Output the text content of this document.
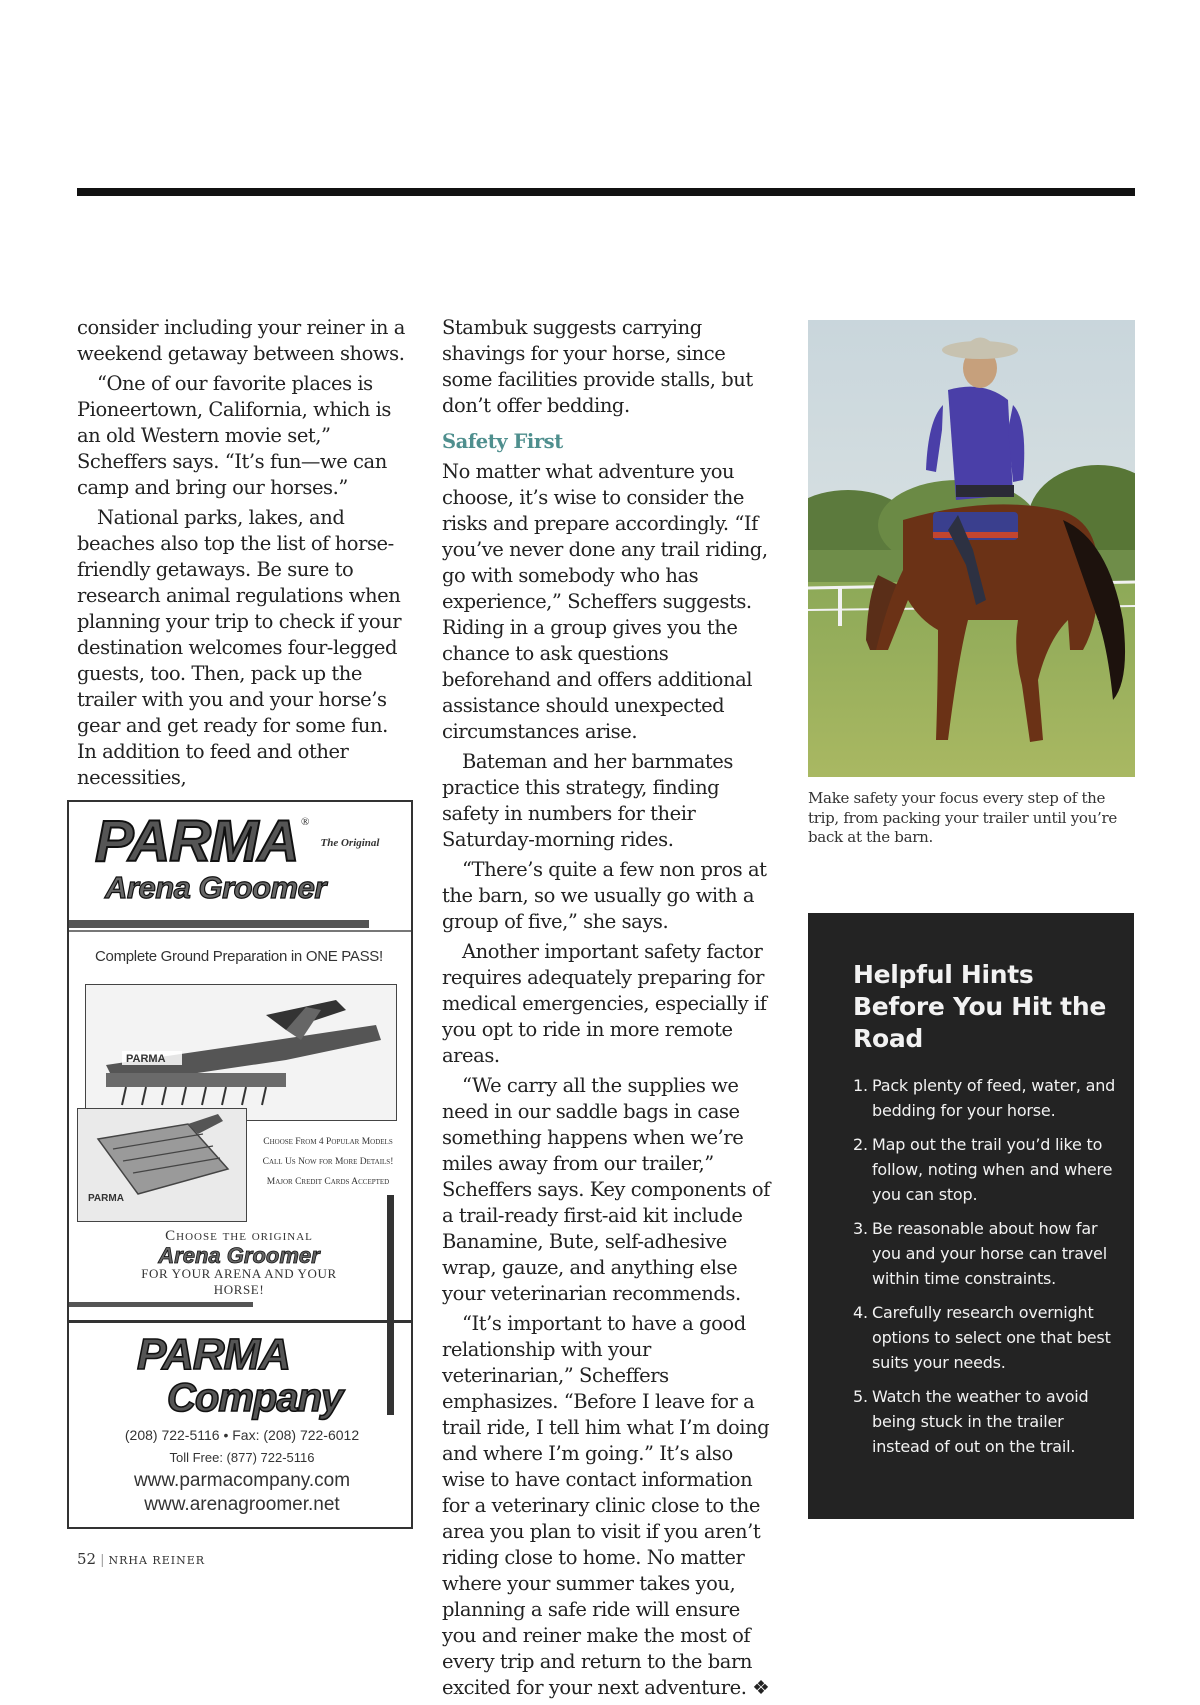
consider including your reiner in a weekend getaway between shows.

“One of our favorite places is Pioneertown, California, which is an old Western movie set,” Scheffers says. “It’s fun—we can camp and bring our horses.”

National parks, lakes, and beaches also top the list of horse-friendly getaways. Be sure to research animal regulations when planning your trip to check if your destination welcomes four-legged guests, too. Then, pack up the trailer with you and your horse’s gear and get ready for some fun. In addition to feed and other necessities,

Stambuk suggests carrying shavings for your horse, since some facilities provide stalls, but don’t offer bedding.

Safety First

No matter what adventure you choose, it’s wise to consider the risks and prepare accordingly. “If you’ve never done any trail riding, go with somebody who has experience,” Scheffers suggests. Riding in a group gives you the chance to ask questions beforehand and offers additional assistance should unexpected circumstances arise.

Bateman and her barnmates practice this strategy, finding safety in numbers for their Saturday-morning rides.

“There’s quite a few non pros at the barn, so we usually go with a group of five,” she says.

Another important safety factor requires adequately preparing for medical emergencies, especially if you opt to ride in more remote areas.

“We carry all the supplies we need in our saddle bags in case something happens when we’re miles away from our trailer,” Scheffers says. Key components of a trail-ready first-aid kit include Banamine, Bute, self-adhesive wrap, gauze, and anything else your veterinarian recommends.

“It’s important to have a good relationship with your veterinarian,” Scheffers emphasizes. “Before I leave for a trail ride, I tell him what I’m doing and where I’m going.” It’s also wise to have contact information for a veterinary clinic close to the area you plan to visit if you aren’t riding close to home. No matter where your summer takes you, planning a safe ride will ensure you and reiner make the most of every trip and return to the barn excited for your next adventure. ❖

Make safety your focus every step of the trip, from packing your trailer until you’re back at the barn.
Helpful Hints Before You Hit the Road
1. Pack plenty of feed, water, and bedding for your horse.
2. Map out the trail you’d like to follow, noting when and where you can stop.
3. Be reasonable about how far you and your horse can travel within time constraints.
4. Carefully research overnight options to select one that best suits your needs.
5. Watch the weather to avoid being stuck in the trailer instead of out on the trail.
PARMA ®
The Original
Arena Groomer
Complete Ground Preparation in ONE PASS!
PARMA
PARMA
Choose From 4 Popular Models
Call Us Now for More Details!
Major Credit Cards Accepted
Choose the original
Arena Groomer
FOR YOUR ARENA AND YOUR HORSE!
PARMA
Company
(208) 722-5116 • Fax: (208) 722-6012
Toll Free: (877) 722-5116
www.parmacompany.com
www.arenagroomer.net
52 | NRHA REINER
